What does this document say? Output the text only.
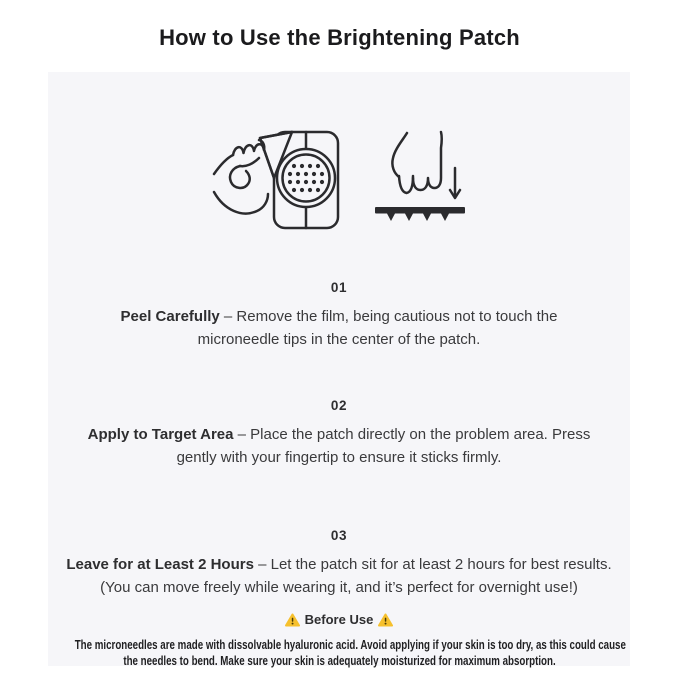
How to Use the Brightening Patch
01

Peel Carefully – Remove the film, being cautious not to touch the microneedle tips in the center of the patch.

02

Apply to Target Area – Place the patch directly on the problem area. Press gently with your fingertip to ensure it sticks firmly.

03

Leave for at Least 2 Hours – Let the patch sit for at least 2 hours for best results. (You can move freely while wearing it, and it’s perfect for overnight use!)

Before Use
The microneedles are made with dissolvable hyaluronic acid. Avoid applying if your skin is too dry, as this could cause
the needles to bend. Make sure your skin is adequately moisturized for maximum absorption.
